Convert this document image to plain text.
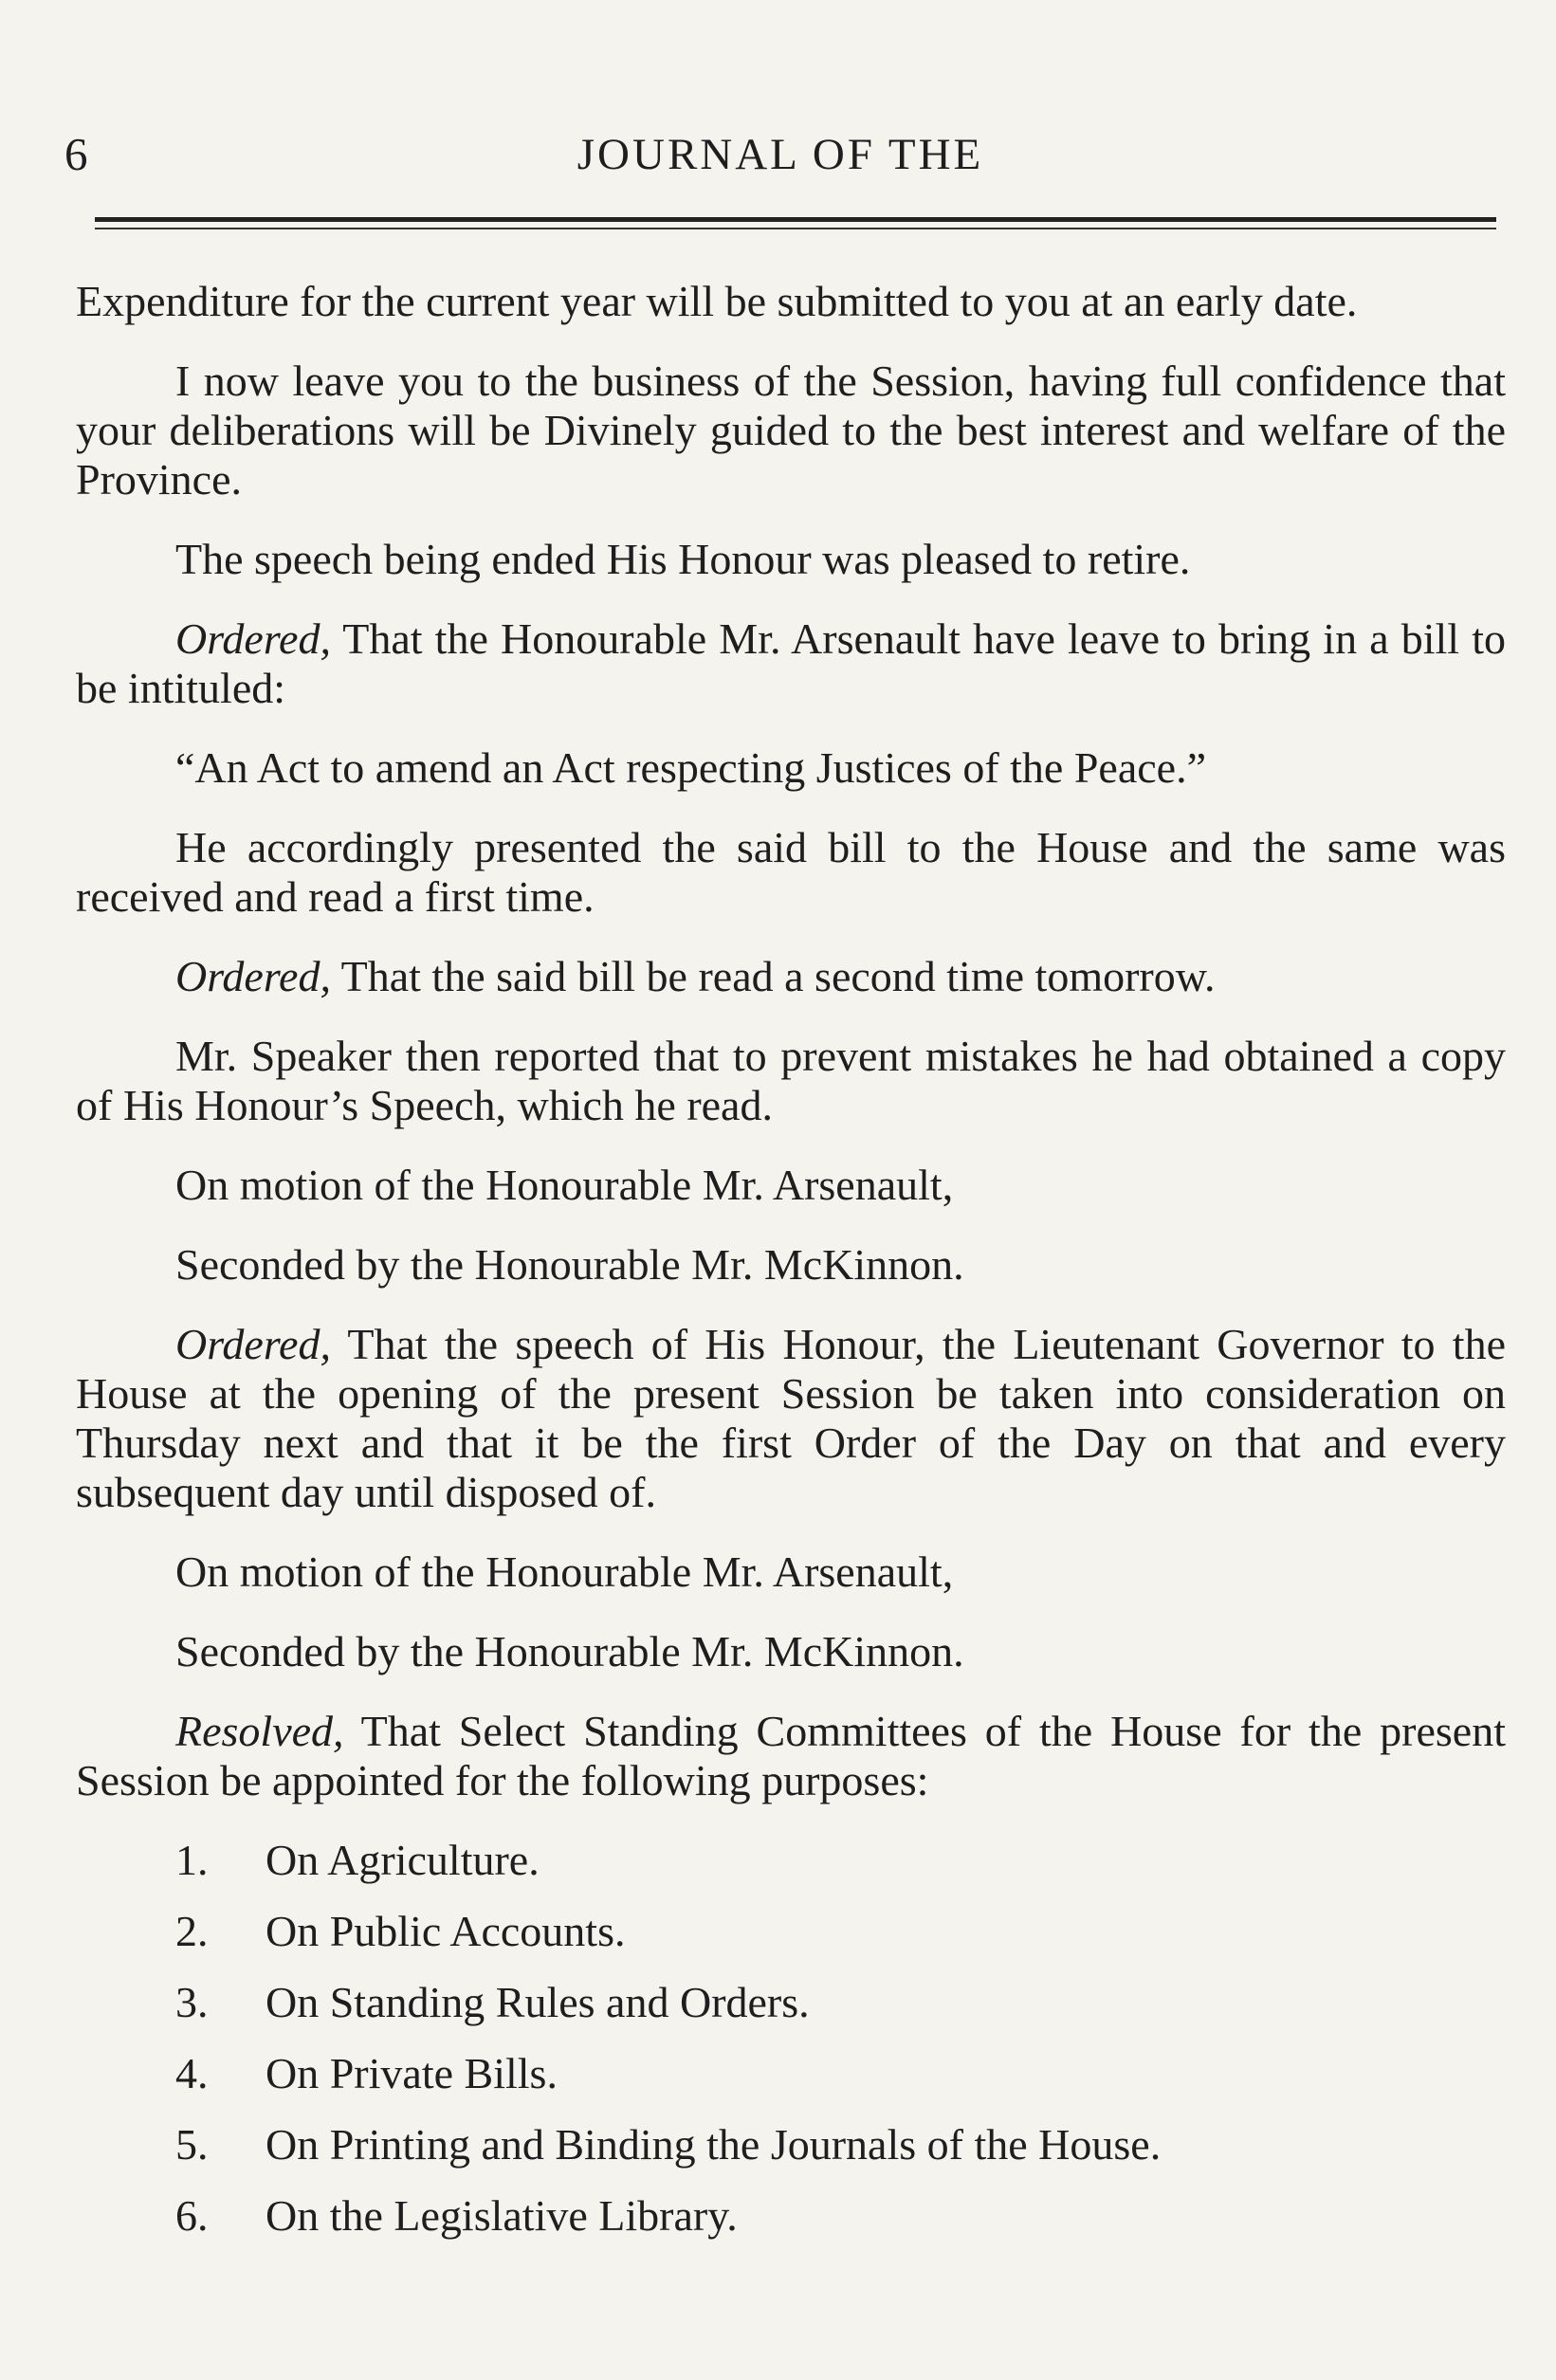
6	JOURNAL OF THE

Expenditure for the current year will be submitted to you at an early date.

I now leave you to the business of the Session, having full confidence that your deliberations will be Divinely guided to the best interest and welfare of the Province.

The speech being ended His Honour was pleased to retire.

Ordered, That the Honourable Mr. Arsenault have leave to bring in a bill to be intituled:

“An Act to amend an Act respecting Justices of the Peace.”

He accordingly presented the said bill to the House and the same was received and read a first time.

Ordered, That the said bill be read a second time tomorrow.

Mr. Speaker then reported that to prevent mistakes he had obtained a copy of His Honour’s Speech, which he read.

On motion of the Honourable Mr. Arsenault,

Seconded by the Honourable Mr. McKinnon.

Ordered, That the speech of His Honour, the Lieutenant Governor to the House at the opening of the present Session be taken into consideration on Thursday next and that it be the first Order of the Day on that and every subsequent day until disposed of.

On motion of the Honourable Mr. Arsenault,

Seconded by the Honourable Mr. McKinnon.

Resolved, That Select Standing Committees of the House for the present Session be appointed for the following purposes:

1. On Agriculture.
2. On Public Accounts.
3. On Standing Rules and Orders.
4. On Private Bills.
5. On Printing and Binding the Journals of the House.
6. On the Legislative Library.
